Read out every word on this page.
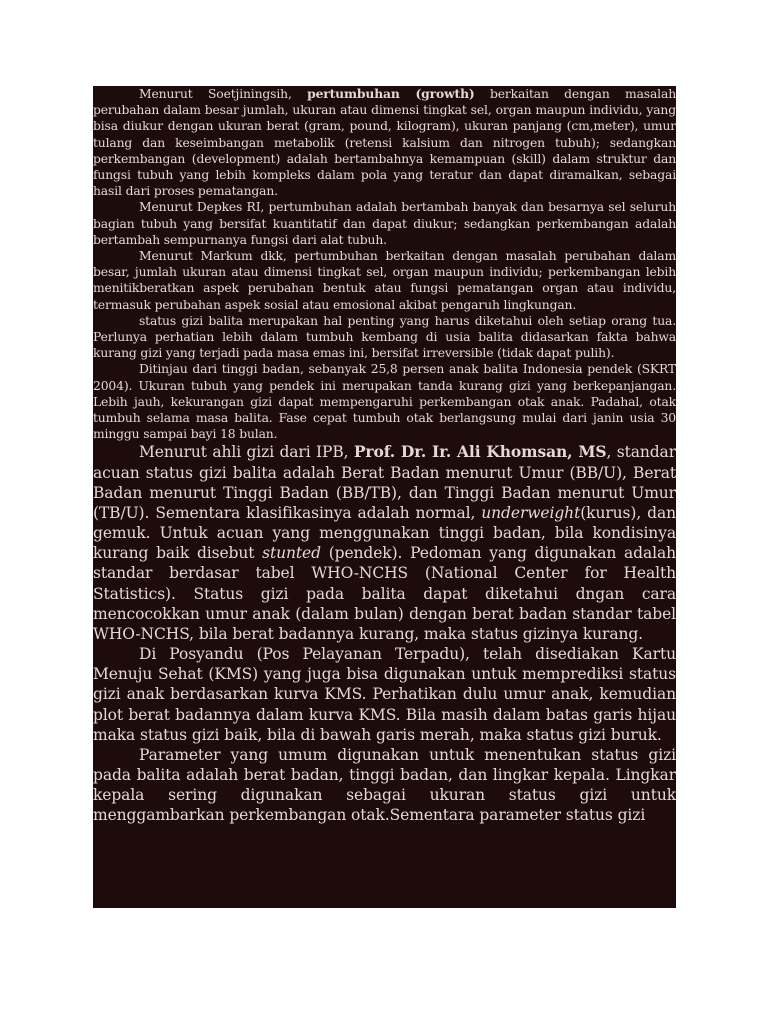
Menurut Soetjiningsih, pertumbuhan (growth) berkaitan dengan masalah perubahan dalam besar jumlah, ukuran atau dimensi tingkat sel, organ maupun individu, yang bisa diukur dengan ukuran berat (gram, pound, kilogram), ukuran panjang (cm,meter), umur tulang dan keseimbangan metabolik (retensi kalsium dan nitrogen tubuh); sedangkan perkembangan (development) adalah bertambahnya kemampuan (skill) dalam struktur dan fungsi tubuh yang lebih kompleks dalam pola yang teratur dan dapat diramalkan, sebagai hasil dari proses pematangan.

Menurut Depkes RI, pertumbuhan adalah bertambah banyak dan besarnya sel seluruh bagian tubuh yang bersifat kuantitatif dan dapat diukur; sedangkan perkembangan adalah bertambah sempurnanya fungsi dari alat tubuh.

Menurut Markum dkk, pertumbuhan berkaitan dengan masalah perubahan dalam besar, jumlah ukuran atau dimensi tingkat sel, organ maupun individu; perkembangan lebih menitikberatkan aspek perubahan bentuk atau fungsi pematangan organ atau individu, termasuk perubahan aspek sosial atau emosional akibat pengaruh lingkungan.

status gizi balita merupakan hal penting yang harus diketahui oleh setiap orang tua. Perlunya perhatian lebih dalam tumbuh kembang di usia balita didasarkan fakta bahwa kurang gizi yang terjadi pada masa emas ini, bersifat irreversible (tidak dapat pulih).

Ditinjau dari tinggi badan, sebanyak 25,8 persen anak balita Indonesia pendek (SKRT 2004). Ukuran tubuh yang pendek ini merupakan tanda kurang gizi yang berkepanjangan. Lebih jauh, kekurangan gizi dapat mempengaruhi perkembangan otak anak. Padahal, otak tumbuh selama masa balita. Fase cepat tumbuh otak berlangsung mulai dari janin usia 30 minggu sampai bayi 18 bulan.

Menurut ahli gizi dari IPB, Prof. Dr. Ir. Ali Khomsan, MS, standar acuan status gizi balita adalah Berat Badan menurut Umur (BB/U), Berat Badan menurut Tinggi Badan (BB/TB), dan Tinggi Badan menurut Umur (TB/U). Sementara klasifikasinya adalah normal, underweight(kurus), dan gemuk. Untuk acuan yang menggunakan tinggi badan, bila kondisinya kurang baik disebut stunted (pendek). Pedoman yang digunakan adalah standar berdasar tabel WHO-NCHS (National Center for Health Statistics). Status gizi pada balita dapat diketahui dngan cara mencocokkan umur anak (dalam bulan) dengan berat badan standar tabel WHO-NCHS, bila berat badannya kurang, maka status gizinya kurang.

Di Posyandu (Pos Pelayanan Terpadu), telah disediakan Kartu Menuju Sehat (KMS) yang juga bisa digunakan untuk memprediksi status gizi anak berdasarkan kurva KMS. Perhatikan dulu umur anak, kemudian plot berat badannya dalam kurva KMS. Bila masih dalam batas garis hijau maka status gizi baik, bila di bawah garis merah, maka status gizi buruk.

Parameter yang umum digunakan untuk menentukan status gizi pada balita adalah berat badan, tinggi badan, dan lingkar kepala. Lingkar kepala sering digunakan sebagai ukuran status gizi untuk menggambarkan perkembangan otak.Sementara parameter status gizi
